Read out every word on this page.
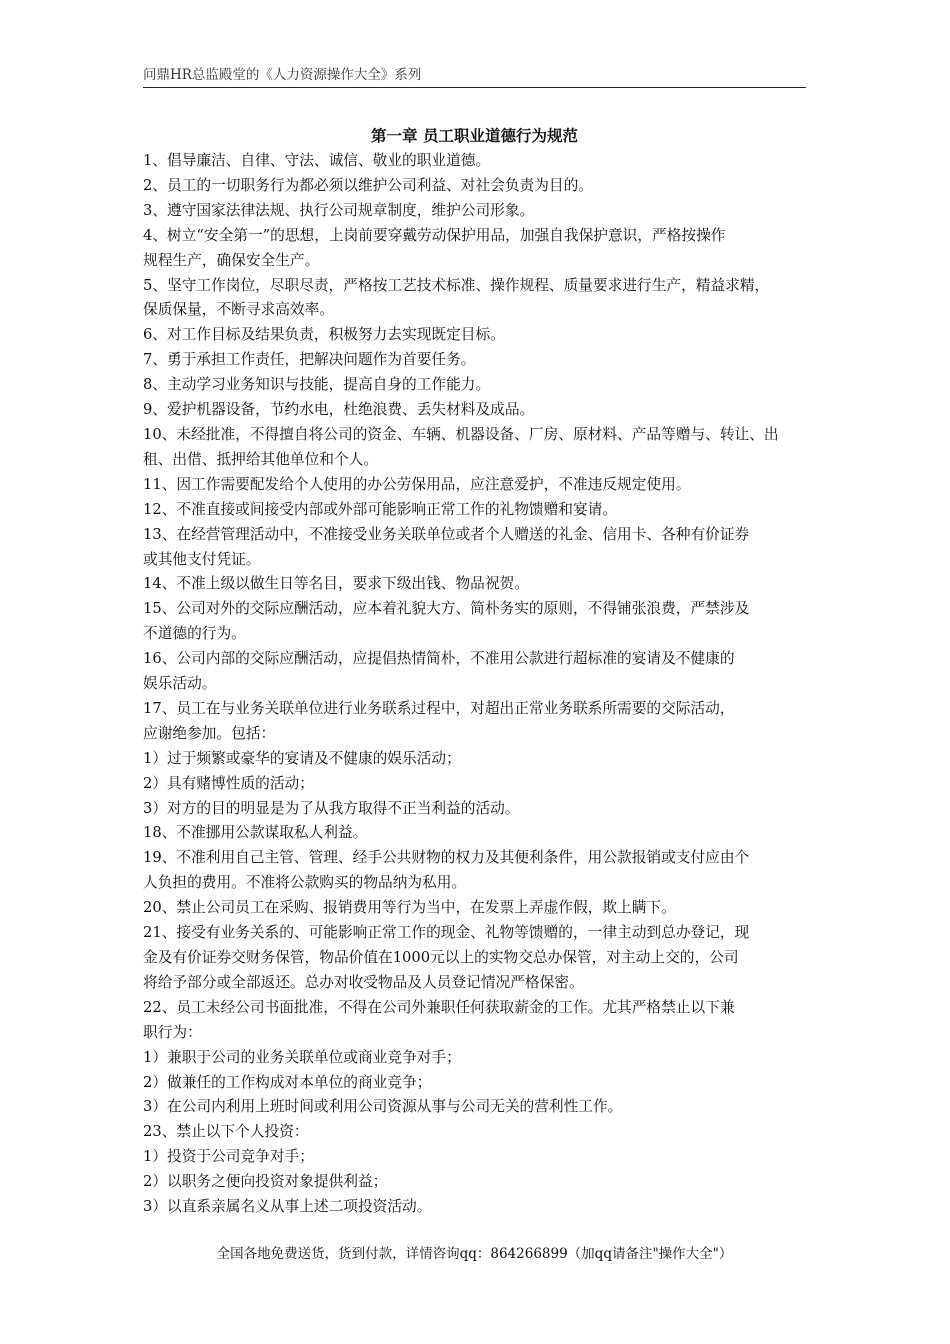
问鼎HR总监殿堂的《人力资源操作大全》系列
第一章 员工职业道德行为规范
1、倡导廉洁、自律、守法、诚信、敬业的职业道德。
2、员工的一切职务行为都必须以维护公司利益、对社会负责为目的。
3、遵守国家法律法规、执行公司规章制度，维护公司形象。
4、树立“安全第一”的思想，上岗前要穿戴劳动保护用品，加强自我保护意识，严格按操作
规程生产，确保安全生产。
5、坚守工作岗位，尽职尽责，严格按工艺技术标准、操作规程、质量要求进行生产，精益求精，
保质保量，不断寻求高效率。
6、对工作目标及结果负责，积极努力去实现既定目标。
7、勇于承担工作责任，把解决问题作为首要任务。
8、主动学习业务知识与技能，提高自身的工作能力。
9、爱护机器设备，节约水电，杜绝浪费、丢失材料及成品。
10、未经批准，不得擅自将公司的资金、车辆、机器设备、厂房、原材料、产品等赠与、转让、出
租、出借、抵押给其他单位和个人。
11、因工作需要配发给个人使用的办公劳保用品，应注意爱护，不准违反规定使用。
12、不准直接或间接受内部或外部可能影响正常工作的礼物馈赠和宴请。
13、在经营管理活动中，不准接受业务关联单位或者个人赠送的礼金、信用卡、各种有价证券
或其他支付凭证。
14、不准上级以做生日等名目，要求下级出钱、物品祝贺。
15、公司对外的交际应酬活动，应本着礼貌大方、简朴务实的原则，不得铺张浪费，严禁涉及
不道德的行为。
16、公司内部的交际应酬活动，应提倡热情简朴，不准用公款进行超标准的宴请及不健康的
娱乐活动。
17、员工在与业务关联单位进行业务联系过程中，对超出正常业务联系所需要的交际活动，
应谢绝参加。包括：
1）过于频繁或豪华的宴请及不健康的娱乐活动；
2）具有赌博性质的活动；
3）对方的目的明显是为了从我方取得不正当利益的活动。
18、不准挪用公款谋取私人利益。
19、不准利用自己主管、管理、经手公共财物的权力及其便利条件，用公款报销或支付应由个
人负担的费用。不准将公款购买的物品纳为私用。
20、禁止公司员工在采购、报销费用等行为当中，在发票上弄虚作假，欺上瞒下。
21、接受有业务关系的、可能影响正常工作的现金、礼物等馈赠的，一律主动到总办登记，现
金及有价证券交财务保管，物品价值在1000元以上的实物交总办保管，对主动上交的，公司
将给予部分或全部返还。总办对收受物品及人员登记情况严格保密。
22、员工未经公司书面批准，不得在公司外兼职任何获取薪金的工作。尤其严格禁止以下兼
职行为：
1）兼职于公司的业务关联单位或商业竞争对手；
2）做兼任的工作构成对本单位的商业竞争；
3）在公司内利用上班时间或利用公司资源从事与公司无关的营利性工作。
23、禁止以下个人投资：
1）投资于公司竞争对手；
2）以职务之便向投资对象提供利益；
3）以直系亲属名义从事上述二项投资活动。
全国各地免费送货，货到付款，详情咨询qq：864266899（加qq请备注"操作大全"）
